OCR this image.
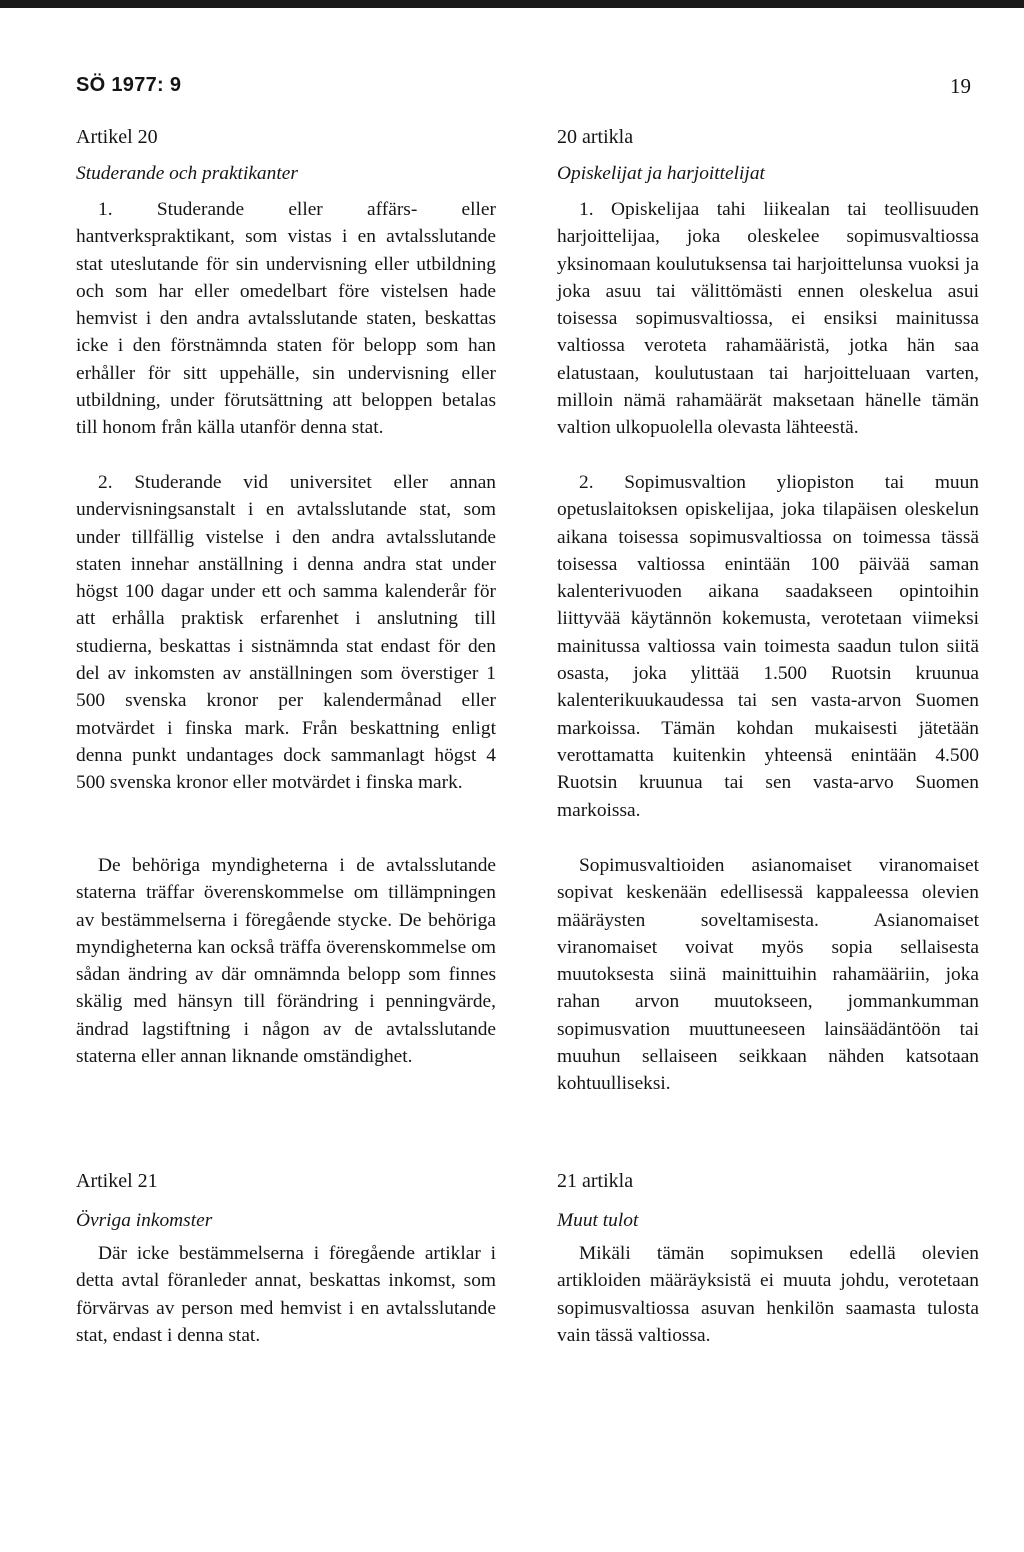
SÖ 1977: 9	19
Artikel 20
Studerande och praktikanter

1. Studerande eller affärs- eller hantverkspraktikant, som vistas i en avtalsslutande stat uteslutande för sin undervisning eller utbildning och som har eller omedelbart före vistelsen hade hemvist i den andra avtalsslutande staten, beskattas icke i den förstnämnda staten för belopp som han erhåller för sitt uppehälle, sin undervisning eller utbildning, under förutsättning att beloppen betalas till honom från källa utanför denna stat.

2. Studerande vid universitet eller annan undervisningsanstalt i en avtalsslutande stat, som under tillfällig vistelse i den andra avtalsslutande staten innehar anställning i denna andra stat under högst 100 dagar under ett och samma kalenderår för att erhålla praktisk erfarenhet i anslutning till studierna, beskattas i sistnämnda stat endast för den del av inkomsten av anställningen som överstiger 1 500 svenska kronor per kalendermånad eller motvärdet i finska mark. Från beskattning enligt denna punkt undantages dock sammanlagt högst 4 500 svenska kronor eller motvärdet i finska mark.

De behöriga myndigheterna i de avtalsslutande staterna träffar överenskommelse om tillämpningen av bestämmelserna i föregående stycke. De behöriga myndigheterna kan också träffa överenskommelse om sådan ändring av där omnämnda belopp som finnes skälig med hänsyn till förändring i penningvärde, ändrad lagstiftning i någon av de avtalsslutande staterna eller annan liknande omständighet.

Artikel 21
Övriga inkomster

Där icke bestämmelserna i föregående artiklar i detta avtal föranleder annat, beskattas inkomst, som förvärvas av person med hemvist i en avtalsslutande stat, endast i denna stat.

20 artikla
Opiskelijat ja harjoittelijat

1. Opiskelijaa tahi liikealan tai teollisuuden harjoittelijaa, joka oleskelee sopimusvaltiossa yksinomaan koulutuksensa tai harjoittelunsa vuoksi ja joka asuu tai välittömästi ennen oleskelua asui toisessa sopimusvaltiossa, ei ensiksi mainitussa valtiossa verotеta rahamääristä, jotka hän saa elatustaan, koulutustaan tai harjoitteluaan varten, milloin nämä rahamäärät maksetaan hänelle tämän valtion ulkopuolella olevasta lähteestä.

2. Sopimusvaltion yliopiston tai muun opetuslaitoksen opiskelijaa, joka tilapäisen oleskelun aikana toisessa sopimusvaltiossa on toimessa tässä toisessa valtiossa enintään 100 päivää saman kalenterivuoden aikana saadakseen opintoihin liittyvää käytännön kokemusta, verotetaan viimeksi mainitussa valtiossa vain toimesta saadun tulon siitä osasta, joka ylittää 1.500 Ruotsin kruunua kalenterikuukaudessa tai sen vasta-arvon Suomen markoissa. Tämän kohdan mukaisesti jätetään verottamatta kuitenkin yhteensä enintään 4.500 Ruotsin kruunua tai sen vasta-arvo Suomen markoissa.

Sopimusvaltioiden asianomaiset viranomaiset sopivat keskenään edellisessä kappaleessa olevien määräysten soveltamisesta. Asianomaiset viranomaiset voivat myös sopia sellaisesta muutoksesta siinä mainittuihin rahamääriin, joka rahan arvon muutokseen, jommankumman sopimusvation muuttuneeseen lainsäädäntöön tai muuhun sellaiseen seikkaan nähden katsotaan kohtuulliseksi.

21 artikla
Muut tulot

Mikäli tämän sopimuksen edellä olevien artikloiden määräyksistä ei muuta johdu, verotetaan sopimusvaltiossa asuvan henkilön saamasta tulosta vain tässä valtiossa.
